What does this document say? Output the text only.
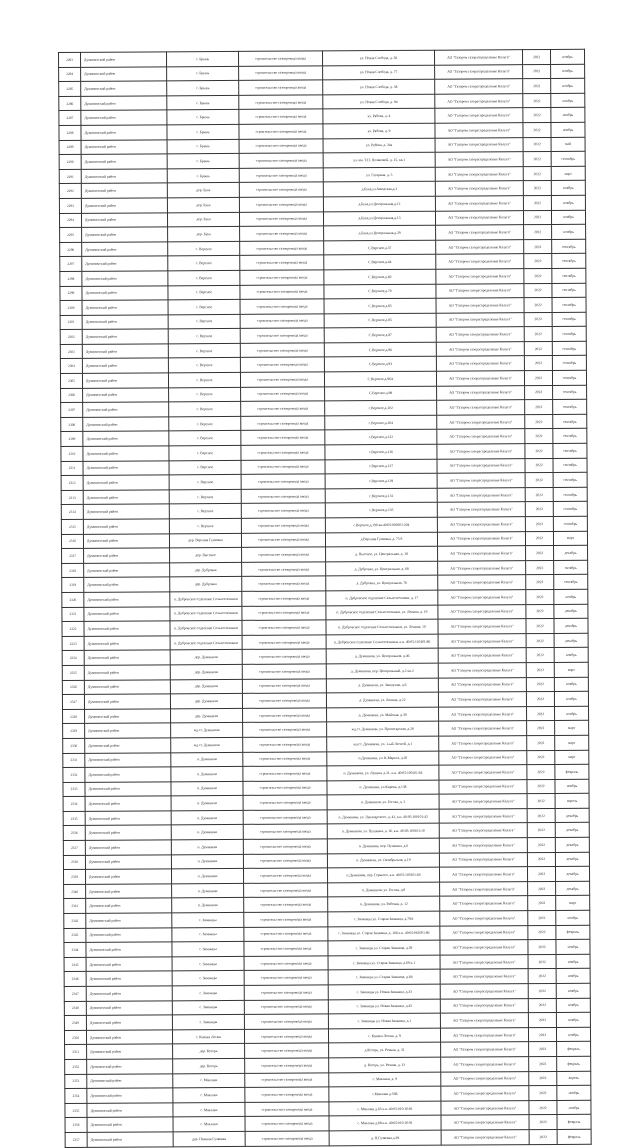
2283	Думиничский район	с. Брынь	строительство газопровода ввода	ул. Новая Слобода, д. 56	АО "Газпром газораспределение Калуга"	2022	ноябрь
2284	Думиничский район	с. Брынь	строительство газопровода ввода	ул. Новая Слобода, д. 77	АО "Газпром газораспределение Калуга"	2022	ноябрь
2285	Думиничский район	с. Брынь	строительство газопровода ввода	ул. Новая Слобода, д. 38	АО "Газпром газораспределение Калуга"	2022	ноябрь
2286	Думиничский район	с. Брынь	строительство газопровода ввода	ул. Новая Слобода, д. 94	АО "Газпром газораспределение Калуга"	2022	ноябрь
2287	Думиничский район	с. Брынь	строительство газопровода ввода	ул. Рябова, д. 4	АО "Газпром газораспределение Калуга"	2022	ноябрь
2288	Думиничский район	с. Брынь	строительство газопровода ввода	ул. Рябова, д. 9	АО "Газпром газораспределение Калуга"	2022	ноябрь
2289	Думиничский район	с. Брынь	строительство газопровода ввода	ул. Рябова, д. 24а	АО "Газпром газораспределение Калуга"	2022	май
2290	Думиничский район	с. Брынь	строительство газопровода ввода	ул. им. Т.П. Поляковой, д. 15, кв.1	АО "Газпром газораспределение Калуга"	2022	сентябрь
2291	Думиничский район	с. Брынь	строительство газопровода ввода	ул. Гагарина, д. 5	АО "Газпром газораспределение Калуга"	2022	март
2292	Думиничский район	дер. Бука	строительство газопровода ввода	д.Бука,ул.Заводская,д.2	АО "Газпром газораспределение Калуга"	2022	ноябрь
2293	Думиничский район	дер. Бука	строительство газопровода ввода	д.Бука,ул.Центральная,д.12	АО "Газпром газораспределение Калуга"	2022	ноябрь
2294	Думиничский район	дер. Бука	строительство газопровода ввода	д.Бука,ул.Центральная,д.13	АО "Газпром газораспределение Калуга"	2022	ноябрь
2295	Думиничский район	дер. Бука	строительство газопровода ввода	д.Бука,ул.Центральная,д.29	АО "Газпром газораспределение Калуга"	2022	ноябрь
2296	Думиничский район	с. Вертное	строительство газопровода ввода	С.Вертное,д.37	АО "Газпром газораспределение Калуга"	2022	сентябрь
2297	Думиничский район	с. Вертное	строительство газопровода ввода	С.Вертное,д.44	АО "Газпром газораспределение Калуга"	2022	сентябрь
2298	Думиничский район	с. Вертное	строительство газопровода ввода	С.Вертное,д.60	АО "Газпром газораспределение Калуга"	2022	сентябрь
2299	Думиничский район	с. Вертное	строительство газопровода ввода	С.Вертное,д.70	АО "Газпром газораспределение Калуга"	2022	сентябрь
2300	Думиничский район	с. Вертное	строительство газопровода ввода	С.Вертное,д.85	АО "Газпром газораспределение Калуга"	2022	сентябрь
2301	Думиничский район	с. Вертное	строительство газопровода ввода	С.Вертное,д.85	АО "Газпром газораспределение Калуга"	2022	сентябрь
2302	Думиничский район	с. Вертное	строительство газопровода ввода	С.Вертное,д.87	АО "Газпром газораспределение Калуга"	2022	сентябрь
2303	Думиничский район	с. Вертное	строительство газопровода ввода	С.Вертное,д.96	АО "Газпром газораспределение Калуга"	2022	сентябрь
2304	Думиничский район	с. Вертное	строительство газопровода ввода	С.Вертное,д.93	АО "Газпром газораспределение Калуга"	2022	сентябрь
2305	Думиничский район	с. Вертное	строительство газопровода ввода	С.Вертное,д.96А	АО "Газпром газораспределение Калуга"	2022	сентябрь
2306	Думиничский район	с. Вертное	строительство газопровода ввода	С.Вертное,д.98	АО "Газпром газораспределение Калуга"	2022	сентябрь
2307	Думиничский район	с. Вертное	строительство газопровода ввода	с.Вертное,д.102	АО "Газпром газораспределение Калуга"	2022	сентябрь
2308	Думиничский район	с. Вертное	строительство газопровода ввода	с.Вертное,д.104	АО "Газпром газораспределение Калуга"	2022	сентябрь
2309	Думиничский район	с. Вертное	строительство газопровода ввода	с.Вертное,д.122	АО "Газпром газораспределение Калуга"	2022	сентябрь
2310	Думиничский район	с. Вертное	строительство газопровода ввода	с.Вертное,д.126	АО "Газпром газораспределение Калуга"	2022	сентябрь
2311	Думиничский район	с. Вертное	строительство газопровода ввода	с.Вертное,д.127	АО "Газпром газораспределение Калуга"	2022	сентябрь
2312	Думиничский район	с. Вертное	строительство газопровода ввода	с.Вертное,д.129	АО "Газпром газораспределение Калуга"	2022	сентябрь
2313	Думиничский район	с. Вертное	строительство газопровода ввода	с.Вертное,д.131	АО "Газпром газораспределение Калуга"	2022	сентябрь
2314	Думиничский район	с. Вертное	строительство газопровода ввода	с.Вертное,д.135	АО "Газпром газораспределение Калуга"	2022	сентябрь
2315	Думиничский район	с. Вертное	строительство газопровода ввода	с.Вертное,д.190 кв.40:05:000501:204	АО "Газпром газораспределение Калуга"	2022	сентябрь
2316	Думиничский район	дер. Верхняя Гуляевка	строительство газопровода ввода	д.Верхняя Гуляевка, д. 75 б	АО "Газпром газораспределение Калуга"	2022	март
2317	Думиничский район	дер. Высокое	строительство газопровода ввода	д. Высокое, ул. Центральная, д. 18	АО "Газпром газораспределение Калуга"	2022	декабрь
2318	Думиничский район	дер. Дубровка	строительство газопровода ввода	д. Дубровка, ул. Центральная, д. 68	АО "Газпром газораспределение Калуга"	2022	октябрь
2319	Думиничский район	дер. Дубровка	строительство газопровода ввода	д. Дубровка, ул. Центральная, 76	АО "Газпром газораспределение Калуга"	2022	сентябрь
2320	Думиничский район	п. Дубровское отделение Сельхозтехники	строительство газопровода ввода	п. Дубровское отделение Сельхозтехники, д. 17	АО "Газпром газораспределение Калуга"	2022	ноябрь
2321	Думиничский район	п. Дубровское отделение Сельхозтехники	строительство газопровода ввода	п. Дубровское отделение Сельхозтехники, ул. Ленина, д. 19	АО "Газпром газораспределение Калуга"	2022	декабрь
2322	Думиничский район	п. Дубровское отделение Сельхозтехники	строительство газопровода ввода	п. Дубровское отделение Сельхозтехники, ул. Ленина, 10	АО "Газпром газораспределение Калуга"	2022	декабрь
2323	Думиничский район	п. Дубровское отделение Сельхозтехники	строительство газопровода ввода	п. Дубровское отделение Сельхозтехники, к.н. 40:05:110401:86	АО "Газпром газораспределение Калуга"	2022	декабрь
2324	Думиничский район	дер. Думиничи	строительство газопровода ввода	д. Думиничи, ул. Центральная, д.46	АО "Газпром газораспределение Калуга"	2022	ноябрь
2325	Думиничский район	дер. Думиничи	строительство газопровода ввода	д. Думиничи, пер. Центральный, д.2 кв.2	АО "Газпром газораспределение Калуга"	2022	март
2326	Думиничский район	дер. Думиничи	строительство газопровода ввода	д. Думиничи, ул. Заводская, д.6	АО "Газпром газораспределение Калуга"	2022	ноябрь
2327	Думиничский район	дер. Думиничи	строительство газопровода ввода	д. Думиничи, ул. Ленина, д.22	АО "Газпром газораспределение Калуга"	2022	ноябрь
2328	Думиничский район	дер. Думиничи	строительство газопровода ввода	д. Думиничи, ул. Майская, д.39	АО "Газпром газораспределение Калуга"	2022	ноябрь
2329	Думиничский район	жд.ст. Думиничи	строительство газопровода ввода	жд.ст. Думиничи, ул. Пролетарская, д.20	АО "Газпром газораспределение Калуга"	2022	март
2330	Думиничский район	жд.ст. Думиничи	строительство газопровода ввода	жд.ст. Думиничи, ул. 1-ый Лесной, д.1	АО "Газпром газораспределение Калуга"	2022	март
2331	Думиничский район	п. Думиничи	строительство газопровода ввода	п.Думиничи, ул. К.Маркса, д.26	АО "Газпром газораспределение Калуга"	2022	март
2332	Думиничский район	п. Думиничи	строительство газопровода ввода	п. Думиничи, ул. Ленина, д.21, к.н. 40:05:100101:64	АО "Газпром газораспределение Калуга"	2022	февраль
2333	Думиничский район	п. Думиничи	строительство газопровода ввода	п. Думиничи, ул.Кирова, д.138	АО "Газпром газораспределение Калуга"	2022	ноябрь
2334	Думиничский район	п. Думиничи	строительство газопровода ввода	п. Думиничи, ул. Гоголя, д. 2	АО "Газпром газораспределение Калуга"	2022	апрель
2335	Думиничский район	п. Думиничи	строительство газопровода ввода	п. Думиничи, ул. Луначарского, д. 42, к.н. 40:05:100101:42	АО "Газпром газораспределение Калуга"	2022	декабрь
2336	Думиничский район	п. Думиничи	строительство газопровода ввода	п. Думиничи, ул. Пушкина, д. 16, к.н. 40:05:100101:10	АО "Газпром газораспределение Калуга"	2022	декабрь
2337	Думиничский район	п. Думиничи	строительство газопровода ввода	п. Думиничи, пер. Пушкина, д.6	АО "Газпром газораспределение Калуга"	2022	декабрь
2338	Думиничский район	п. Думиничи	строительство газопровода ввода	п. Думиничи, ул. Октябрьская, д.19	АО "Газпром газораспределение Калуга"	2022	декабрь
2339	Думиничский район	п. Думиничи	строительство газопровода ввода	п.Думиничи, пер. Горького, к.н. 40:05:100101:66	АО "Газпром газораспределение Калуга"	2022	декабрь
2340	Думиничский район	п. Думиничи	строительство газопровода ввода	п. Думиничи, ул. Гоголя, д.8	АО "Газпром газораспределение Калуга"	2022	декабрь
2341	Думиничский район	п. Думиничи	строительство газопровода ввода	п. Думиничи, ул. Рабочая, д. 12	АО "Газпром газораспределение Калуга"	2022	март
2342	Думиничский район	с. Зимницы	строительство газопровода ввода	с. Зимницы ул. Старая Зимница, д.79А	АО "Газпром газораспределение Калуга"	2022	ноябрь
2343	Думиничский район	с. Зимницы	строительство газопровода ввода	с. Зимницы ул. Старая Зимница, д. 106 к.н. 40:05:061001:86	АО "Газпром газораспределение Калуга"	2022	февраль
2344	Думиничский район	с. Зимницы	строительство газопровода ввода	с. Зимницы ул. Старая Зимница, д.59	АО "Газпром газораспределение Калуга"	2022	ноябрь
2345	Думиничский район	с. Зимницы	строительство газопровода ввода	с. Зимницы ул. Старая Зимница, д.69 к.1	АО "Газпром газораспределение Калуга"	2022	ноябрь
2346	Думиничский район	с. Зимницы	строительство газопровода ввода	с. Зимницы ул. Старая Зимница, д.84	АО "Газпром газораспределение Калуга"	2022	ноябрь
2347	Думиничский район	с. Зимницы	строительство газопровода ввода	с. Зимницы ул. Новая Зимница, д.33	АО "Газпром газораспределение Калуга"	2022	ноябрь
2348	Думиничский район	с. Зимницы	строительство газопровода ввода	с. Зимницы ул. Новая Зимница, д.45	АО "Газпром газораспределение Калуга"	2022	ноябрь
2349	Думиничский район	с. Зимницы	строительство газопровода ввода	с. Зимницы ул. Новая Зимница, д.1	АО "Газпром газораспределение Калуга"	2022	ноябрь
2350	Думиничский район	с. Киевка Лоташ	строительство газопровода ввода	с. Киевка Лоташ, д. 9	АО "Газпром газораспределение Калуга"	2022	ноябрь
2351	Думиничский район	дер. Которь	строительство газопровода ввода	д.Которь, ул. Речная, д. 31	АО "Газпром газораспределение Калуга"	2022	февраль
2352	Думиничский район	дер. Которь	строительство газопровода ввода	д. Которь, ул. Речная, д. 13	АО "Газпром газораспределение Калуга"	2022	февраль
2353	Думиничский район	с. Маклаки	строительство газопровода ввода	с. Маклаки, д. 9	АО "Газпром газораспределение Калуга"	2022	апрель
2354	Думиничский район	с. Маклаки	строительство газопровода ввода	с.Маклаки д.59Б	АО "Газпром газораспределение Калуга"	2022	ноябрь
2355	Думиничский район	с. Маклаки	строительство газопровода ввода	с. Маклаки д.63 к.н. 40:05:010:10:81	АО "Газпром газораспределение Калуга"	2022	ноябрь
2356	Думиничский район	с. Маклаки	строительство газопровода ввода	с. Маклаки д.88 к.н. 40:05:010:10:91	АО "Газпром газораспределение Калуга"	2022	февраль
2357	Думиничский район	дер. Нижняя Гуляевка	строительство газопровода ввода	д. Н.Гуляевка д.39	АО "Газпром газораспределение Калуга"	2022	февраль
